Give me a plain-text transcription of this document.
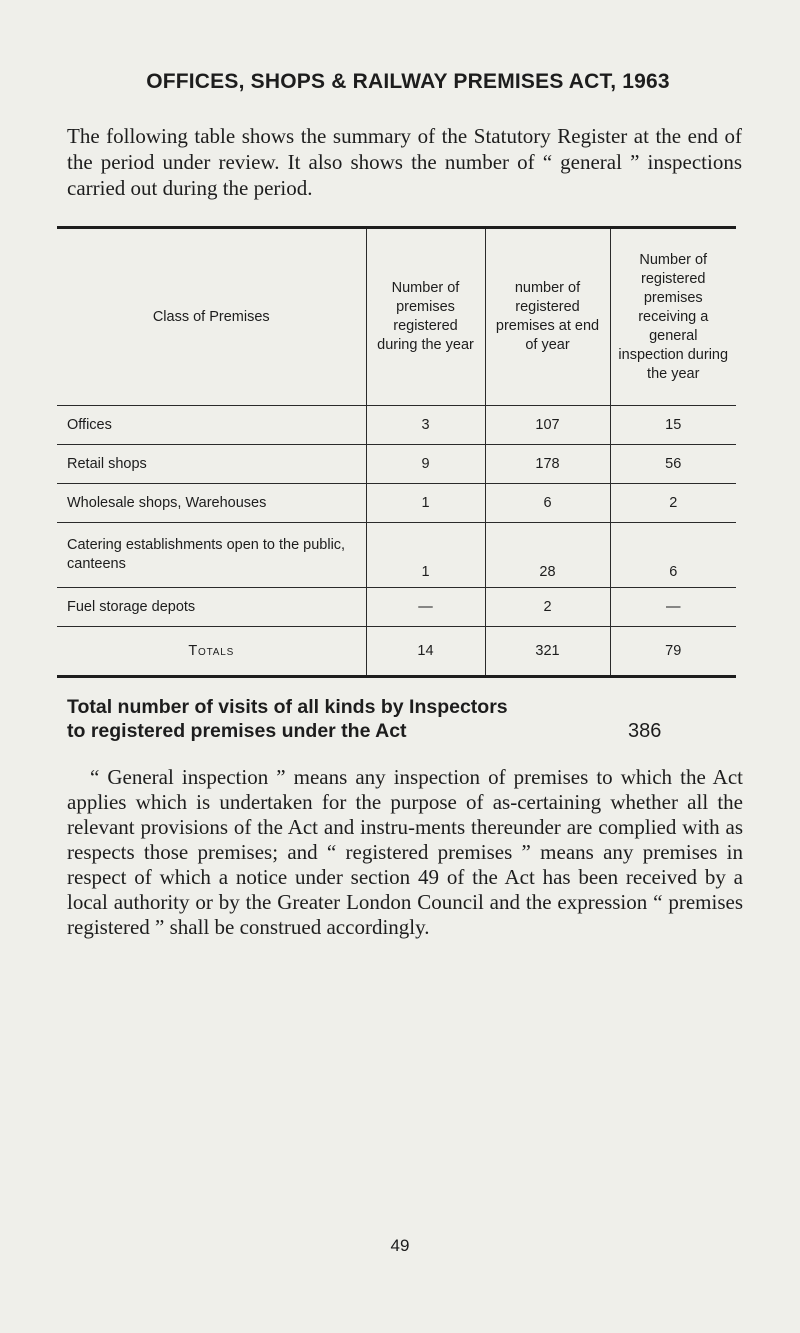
OFFICES, SHOPS & RAILWAY PREMISES ACT, 1963
The following table shows the summary of the Statutory Register at the end of the period under review. It also shows the number of “ general ” inspections carried out during the period.
Class of Premises	Number of premises registered during the year	number of registered premises at end of year	Number of registered premises receiving a general inspection during the year
Offices	3	107	15
Retail shops	9	178	56
Wholesale shops, Warehouses	1	6	2
Catering establishments open to the public, canteens	1	28	6
Fuel storage depots	—	2	—
Totals	14	321	79
Total number of visits of all kinds by Inspectors
to registered premises under the Act	386
“ General inspection ” means any inspection of premises to which the Act applies which is undertaken for the purpose of as-certaining whether all the relevant provisions of the Act and instru-ments thereunder are complied with as respects those premises; and “ registered premises ” means any premises in respect of which a notice under section 49 of the Act has been received by a local authority or by the Greater London Council and the expression “ premises registered ” shall be construed accordingly.
49
